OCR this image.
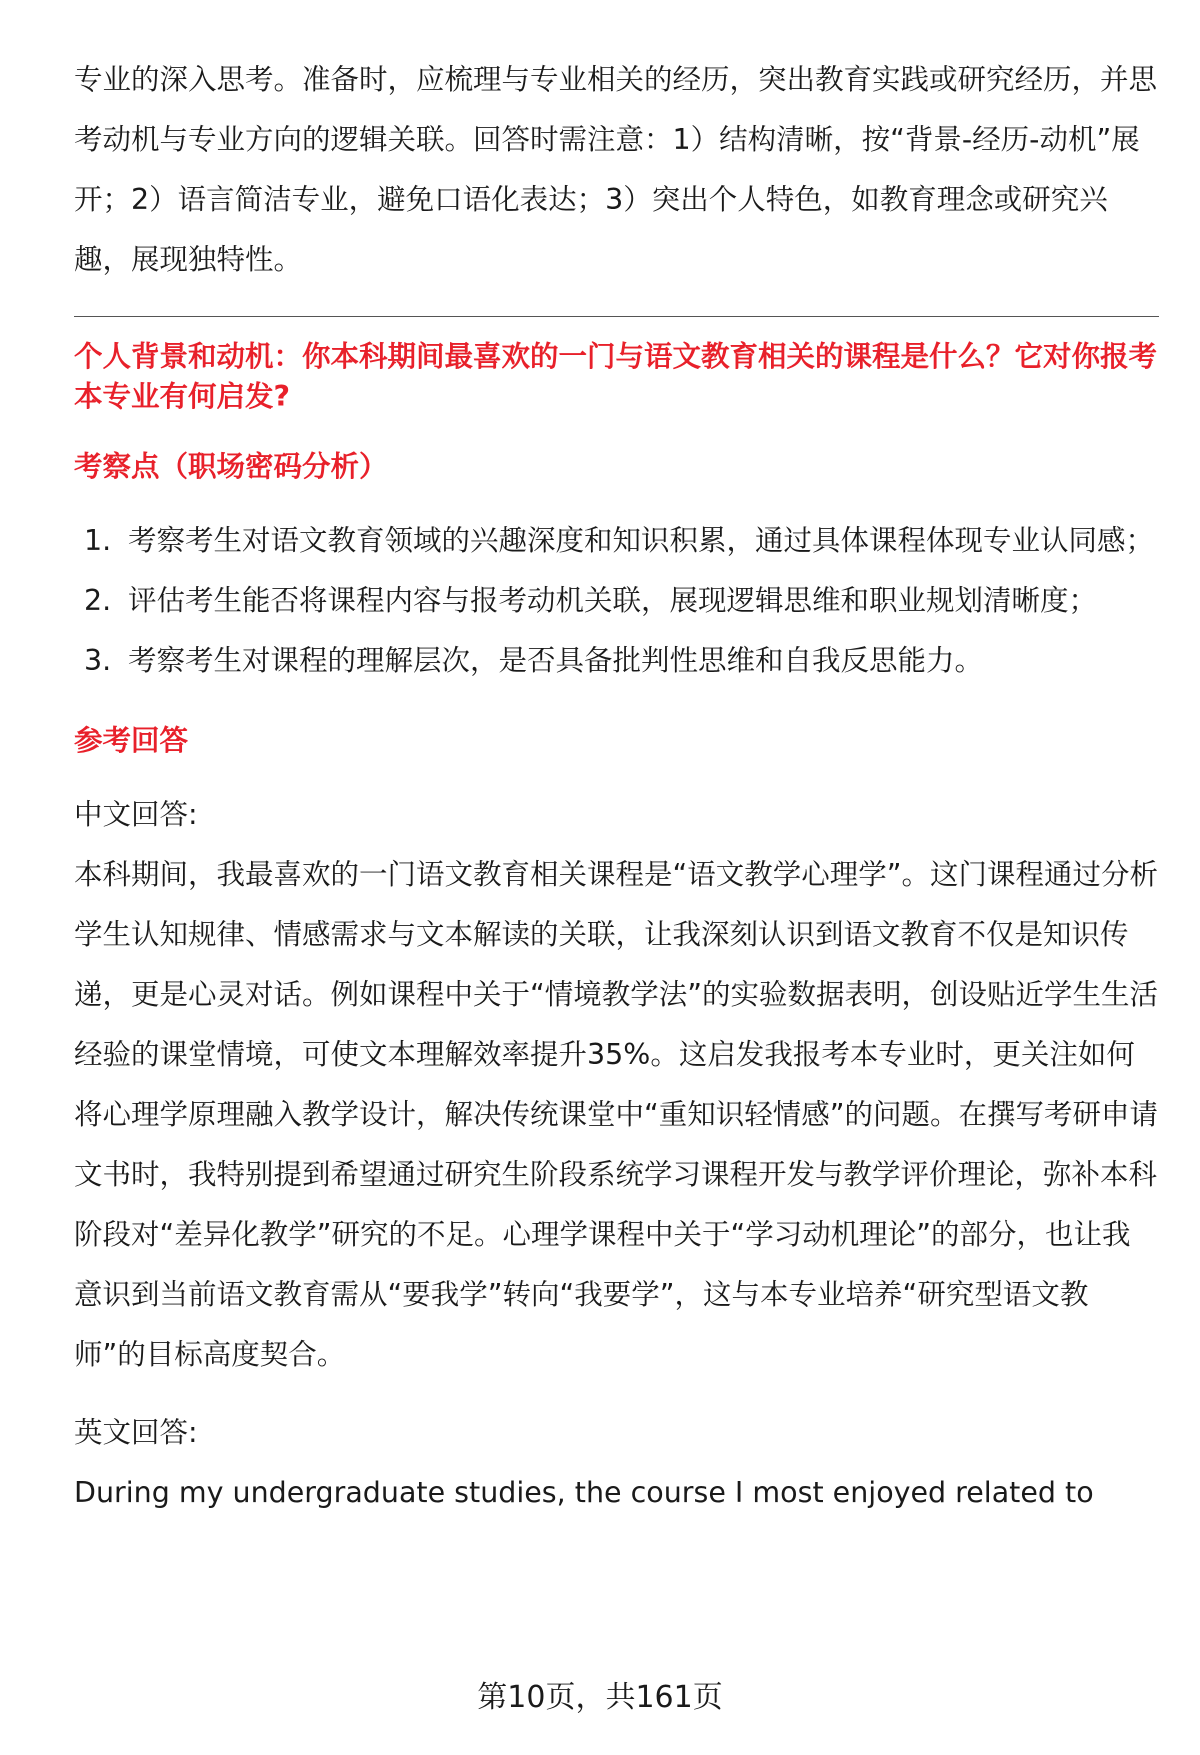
专业的深入思考。准备时，应梳理与专业相关的经历，突出教育实践或研究经历，并思考动机与专业方向的逻辑关联。回答时需注意：1）结构清晰，按“背景-经历-动机”展开；2）语言简洁专业，避免口语化表达；3）突出个人特色，如教育理念或研究兴趣，展现独特性。

个人背景和动机：你本科期间最喜欢的一门与语文教育相关的课程是什么？它对你报考本专业有何启发?

考察点（职场密码分析）

1. 考察考生对语文教育领域的兴趣深度和知识积累，通过具体课程体现专业认同感；
2. 评估考生能否将课程内容与报考动机关联，展现逻辑思维和职业规划清晰度；
3. 考察考生对课程的理解层次，是否具备批判性思维和自我反思能力。

参考回答

中文回答:

本科期间，我最喜欢的一门语文教育相关课程是“语文教学心理学”。这门课程通过分析学生认知规律、情感需求与文本解读的关联，让我深刻认识到语文教育不仅是知识传递，更是心灵对话。例如课程中关于“情境教学法”的实验数据表明，创设贴近学生生活经验的课堂情境，可使文本理解效率提升35%。这启发我报考本专业时，更关注如何将心理学原理融入教学设计，解决传统课堂中“重知识轻情感”的问题。在撰写考研申请文书时，我特别提到希望通过研究生阶段系统学习课程开发与教学评价理论，弥补本科阶段对“差异化教学”研究的不足。心理学课程中关于“学习动机理论”的部分，也让我意识到当前语文教育需从“要我学”转向“我要学”，这与本专业培养“研究型语文教师”的目标高度契合。

英文回答:

During my undergraduate studies, the course I most enjoyed related to

第10页，共161页
